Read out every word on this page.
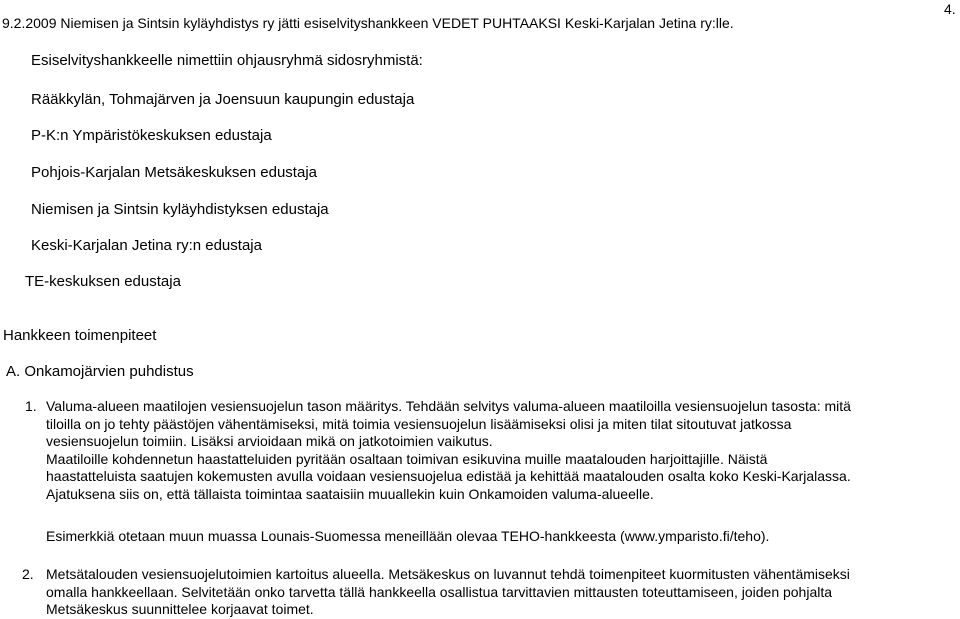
4.
9.2.2009 Niemisen ja Sintsin kyläyhdistys ry jätti esiselvityshankkeen VEDET PUHTAAKSI Keski-Karjalan Jetina ry:lle.
Esiselvityshankkeelle nimettiin ohjausryhmä sidosryhmistä:
Rääkkylän, Tohmajärven ja Joensuun kaupungin edustaja
P-K:n Ympäristökeskuksen edustaja
Pohjois-Karjalan Metsäkeskuksen edustaja
Niemisen ja Sintsin kyläyhdistyksen edustaja
Keski-Karjalan Jetina ry:n edustaja
TE-keskuksen edustaja
Hankkeen toimenpiteet
A. Onkamojärvien puhdistus
1. Valuma-alueen maatilojen vesiensuojelun tason määritys. Tehdään selvitys valuma-alueen maatiloilla vesiensuojelun tasosta: mitä
tiloilla on jo tehty päästöjen vähentämiseksi, mitä toimia vesiensuojelun lisäämiseksi olisi ja miten tilat sitoutuvat jatkossa
vesiensuojelun toimiin. Lisäksi arvioidaan mikä on jatkotoimien vaikutus.
Maatiloille kohdennetun haastatteluiden pyritään osaltaan toimivan esikuvina muille maatalouden harjoittajille. Näistä
haastatteluista saatujen kokemusten avulla voidaan vesiensuojelua edistää ja kehittää maatalouden osalta koko Keski-Karjalassa.
Ajatuksena siis on, että tällaista toimintaa saataisiin muuallekin kuin Onkamoiden valuma-alueelle.
Esimerkkiä otetaan muun muassa Lounais-Suomessa meneillään olevaa TEHO-hankkeesta (www.ymparisto.fi/teho).
2. Metsätalouden vesiensuojelutoimien kartoitus alueella. Metsäkeskus on luvannut tehdä toimenpiteet kuormitusten vähentämiseksi
omalla hankkeellaan. Selvitetään onko tarvetta tällä hankkeella osallistua tarvittavien mittausten toteuttamiseen, joiden pohjalta
Metsäkeskus suunnittelee korjaavat toimet.
